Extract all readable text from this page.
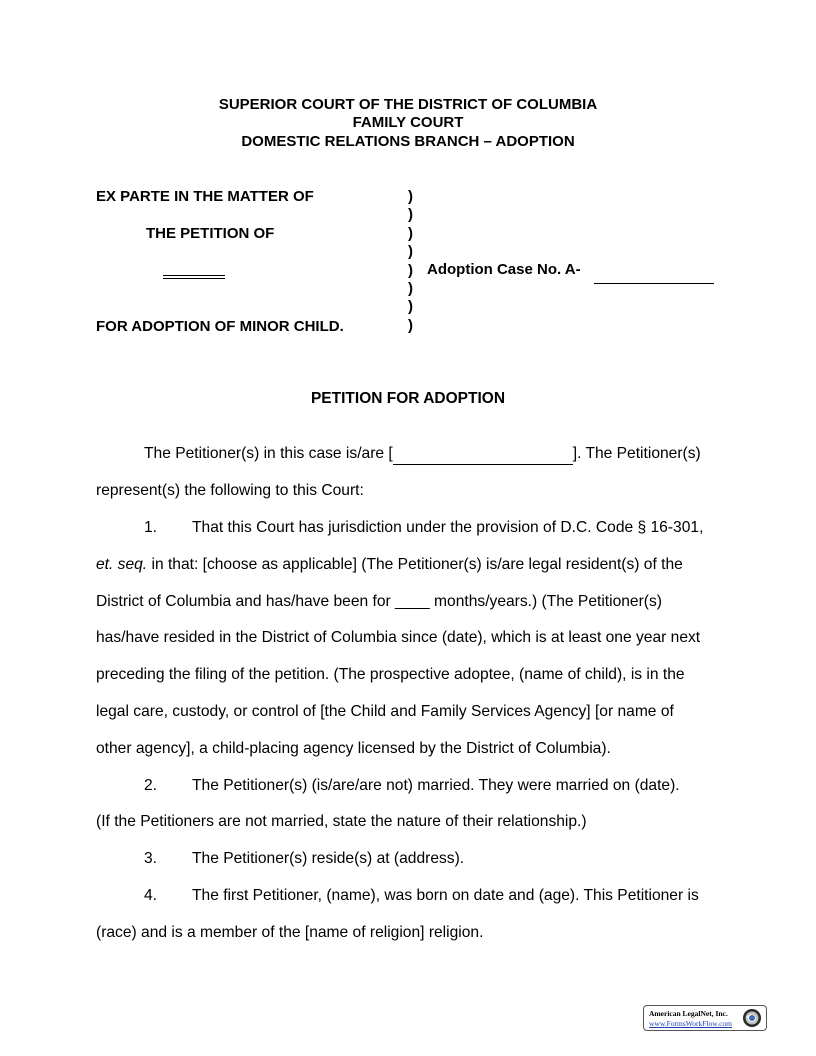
SUPERIOR COURT OF THE DISTRICT OF COLUMBIA
FAMILY COURT
DOMESTIC RELATIONS BRANCH – ADOPTION
EX PARTE IN THE MATTER OF
THE PETITION OF
FOR ADOPTION OF MINOR CHILD.
)
)
)
)
)
)
)
)
Adoption Case No. A-
PETITION FOR ADOPTION
The Petitioner(s) in this case is/are [	]. The Petitioner(s)
represent(s) the following to this Court:
1. That this Court has jurisdiction under the provision of D.C. Code § 16-301,
et. seq. in that: [choose as applicable] (The Petitioner(s) is/are legal resident(s) of the
District of Columbia and has/have been for ____ months/years.) (The Petitioner(s)
has/have resided in the District of Columbia since (date), which is at least one year next
preceding the filing of the petition. (The prospective adoptee, (name of child), is in the
legal care, custody, or control of [the Child and Family Services Agency] [or name of
other agency], a child-placing agency licensed by the District of Columbia).
2. The Petitioner(s) (is/are/are not) married. They were married on (date).
(If the Petitioners are not married, state the nature of their relationship.)
3. The Petitioner(s) reside(s) at (address).
4. The first Petitioner, (name), was born on date and (age). This Petitioner is
(race) and is a member of the [name of religion] religion.
American LegalNet, Inc.
www.FormsWorkFlow.com
